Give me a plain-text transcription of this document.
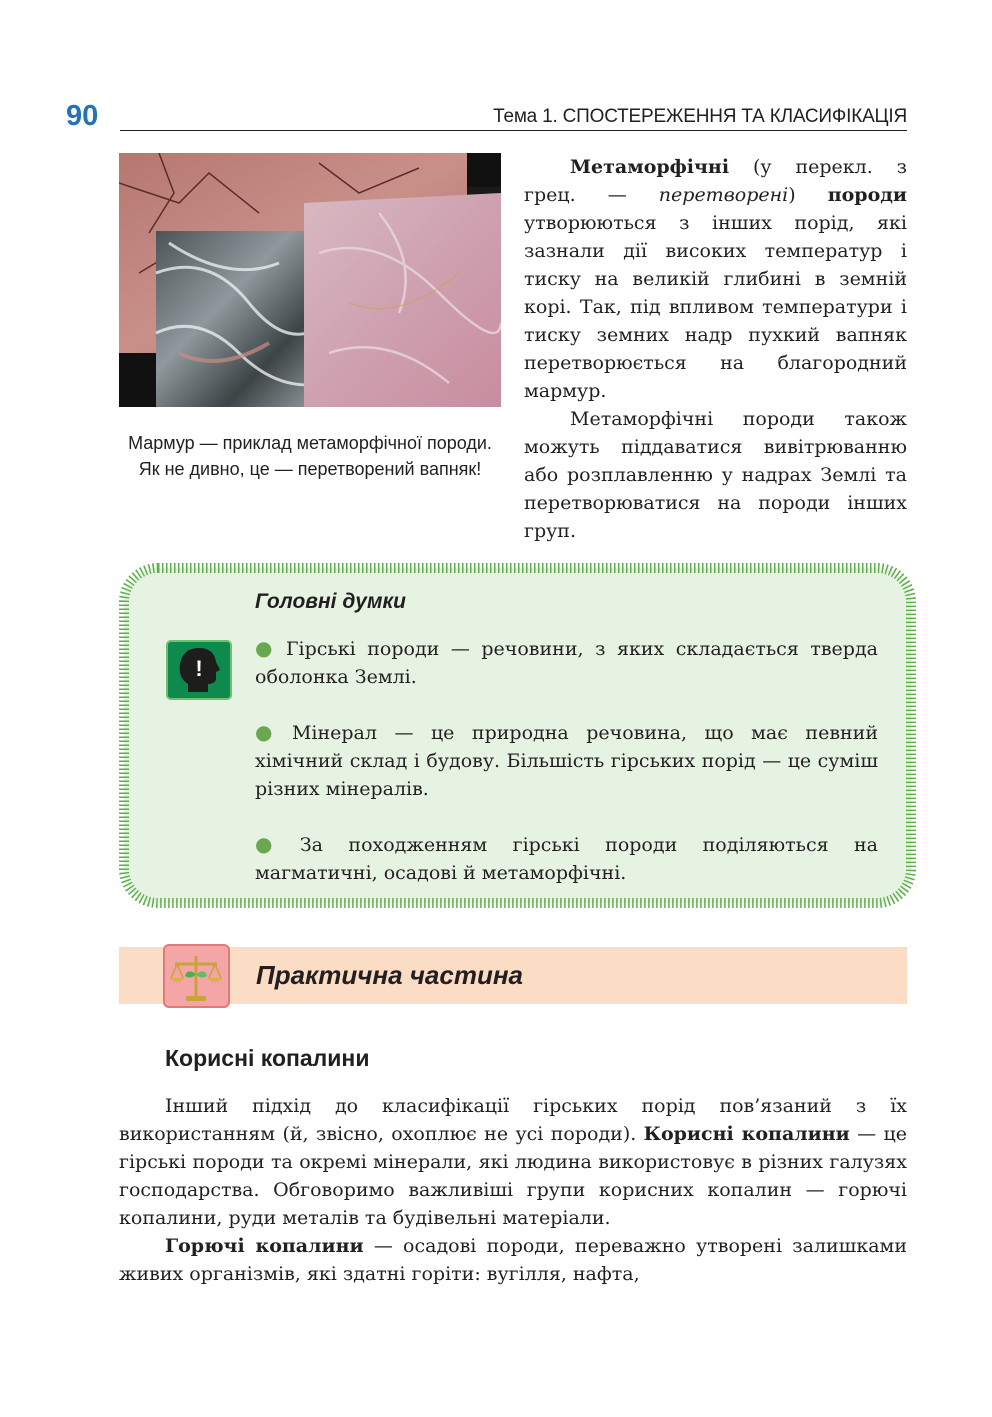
90	Тема 1. СПОСТЕРЕЖЕННЯ ТА КЛАСИФІКАЦІЯ
Мармур — приклад метаморфічної породи. Як не дивно, це — перетворений вапняк!

Метаморфічні (у перекл. з грец. — перетворені) породи утворюються з інших порід, які зазнали дії високих температур і тиску на великій глибині в земній корі. Так, під впливом температури і тиску земних надр пухкий вапняк перетворюється на благородний мармур.

Метаморфічні породи також можуть піддаватися вивітрюванню або розплавленню у надрах Землі та перетворюватися на породи інших груп.

Головні думки
!

● Гірські породи — речовини, з яких складається тверда оболонка Землі.

● Мінерал — це природна речовина, що має певний хімічний склад і будову. Більшість гірських порід — це суміш різних мінералів.

● За походженням гірські породи поділяються на магматичні, осадові й метаморфічні.

Практична частина
Корисні копалини

Інший підхід до класифікації гірських порід пов’язаний з їх використанням (й, звісно, охоплює не усі породи). Корисні копалини — це гірські породи та окремі мінерали, які людина використовує в різних галузях господарства. Обговоримо важливіші групи корисних копалин — горючі копалини, руди металів та будівельні матеріали.

Горючі копалини — осадові породи, переважно утворені залишками живих організмів, які здатні горіти: вугілля, нафта,
